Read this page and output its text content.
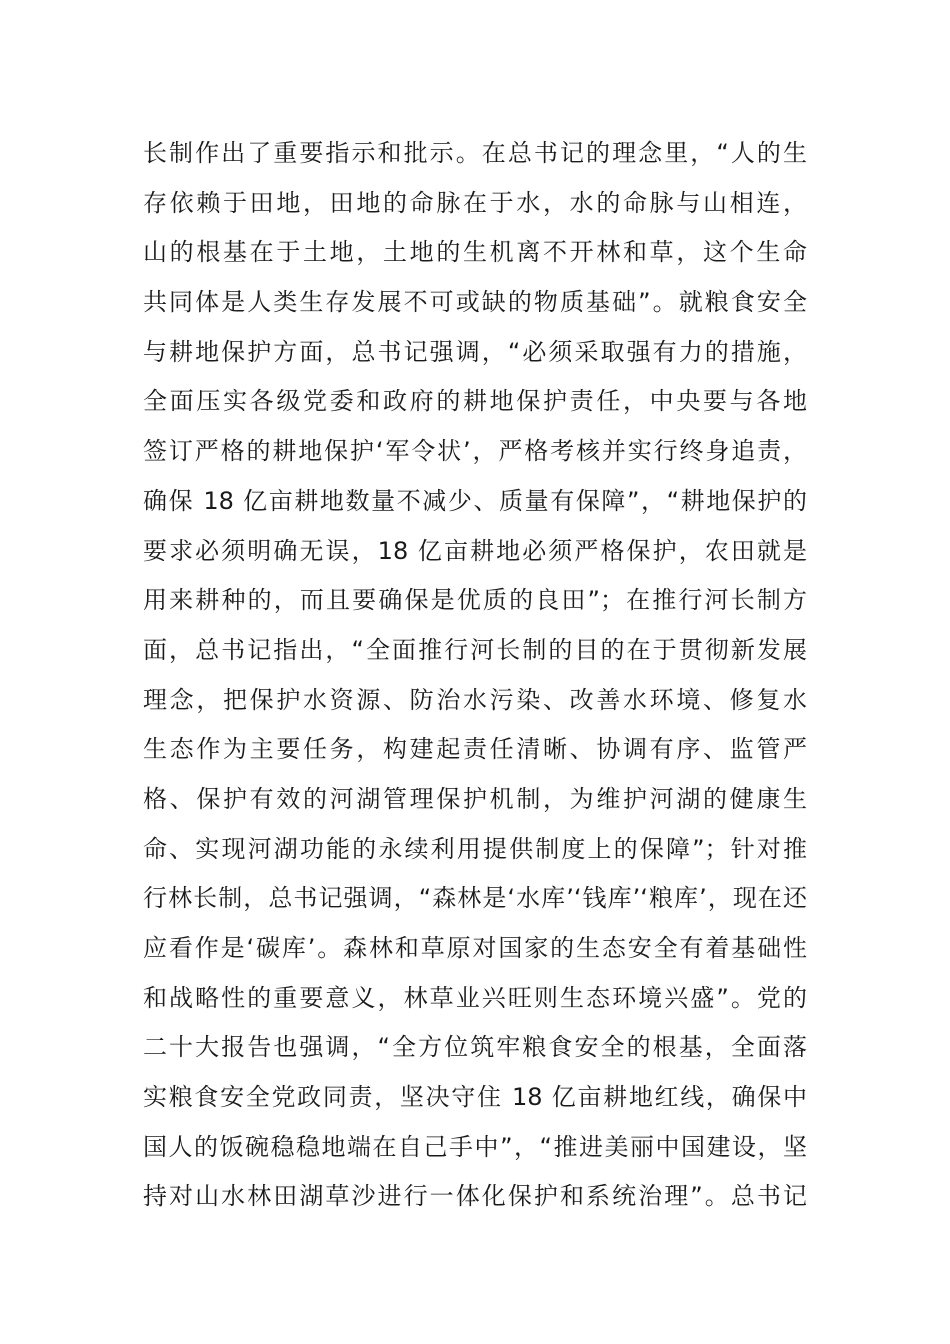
长制作出了重要指示和批示。在总书记的理念里，“人的生
存依赖于田地，田地的命脉在于水，水的命脉与山相连，
山的根基在于土地，土地的生机离不开林和草，这个生命
共同体是人类生存发展不可或缺的物质基础”。就粮食安全
与耕地保护方面，总书记强调，“必须采取强有力的措施，
全面压实各级党委和政府的耕地保护责任，中央要与各地
签订严格的耕地保护‘军令状’，严格考核并实行终身追责，
确保 18 亿亩耕地数量不减少、质量有保障”，“耕地保护的
要求必须明确无误，18 亿亩耕地必须严格保护，农田就是
用来耕种的，而且要确保是优质的良田”；在推行河长制方
面，总书记指出，“全面推行河长制的目的在于贯彻新发展
理念，把保护水资源、防治水污染、改善水环境、修复水
生态作为主要任务，构建起责任清晰、协调有序、监管严
格、保护有效的河湖管理保护机制，为维护河湖的健康生
命、实现河湖功能的永续利用提供制度上的保障”；针对推
行林长制，总书记强调，“森林是‘水库’‘钱库’‘粮库’，现在还
应看作是‘碳库’。森林和草原对国家的生态安全有着基础性
和战略性的重要意义，林草业兴旺则生态环境兴盛”。党的
二十大报告也强调，“全方位筑牢粮食安全的根基，全面落
实粮食安全党政同责，坚决守住 18 亿亩耕地红线，确保中
国人的饭碗稳稳地端在自己手中”，“推进美丽中国建设，坚
持对山水林田湖草沙进行一体化保护和系统治理”。总书记
